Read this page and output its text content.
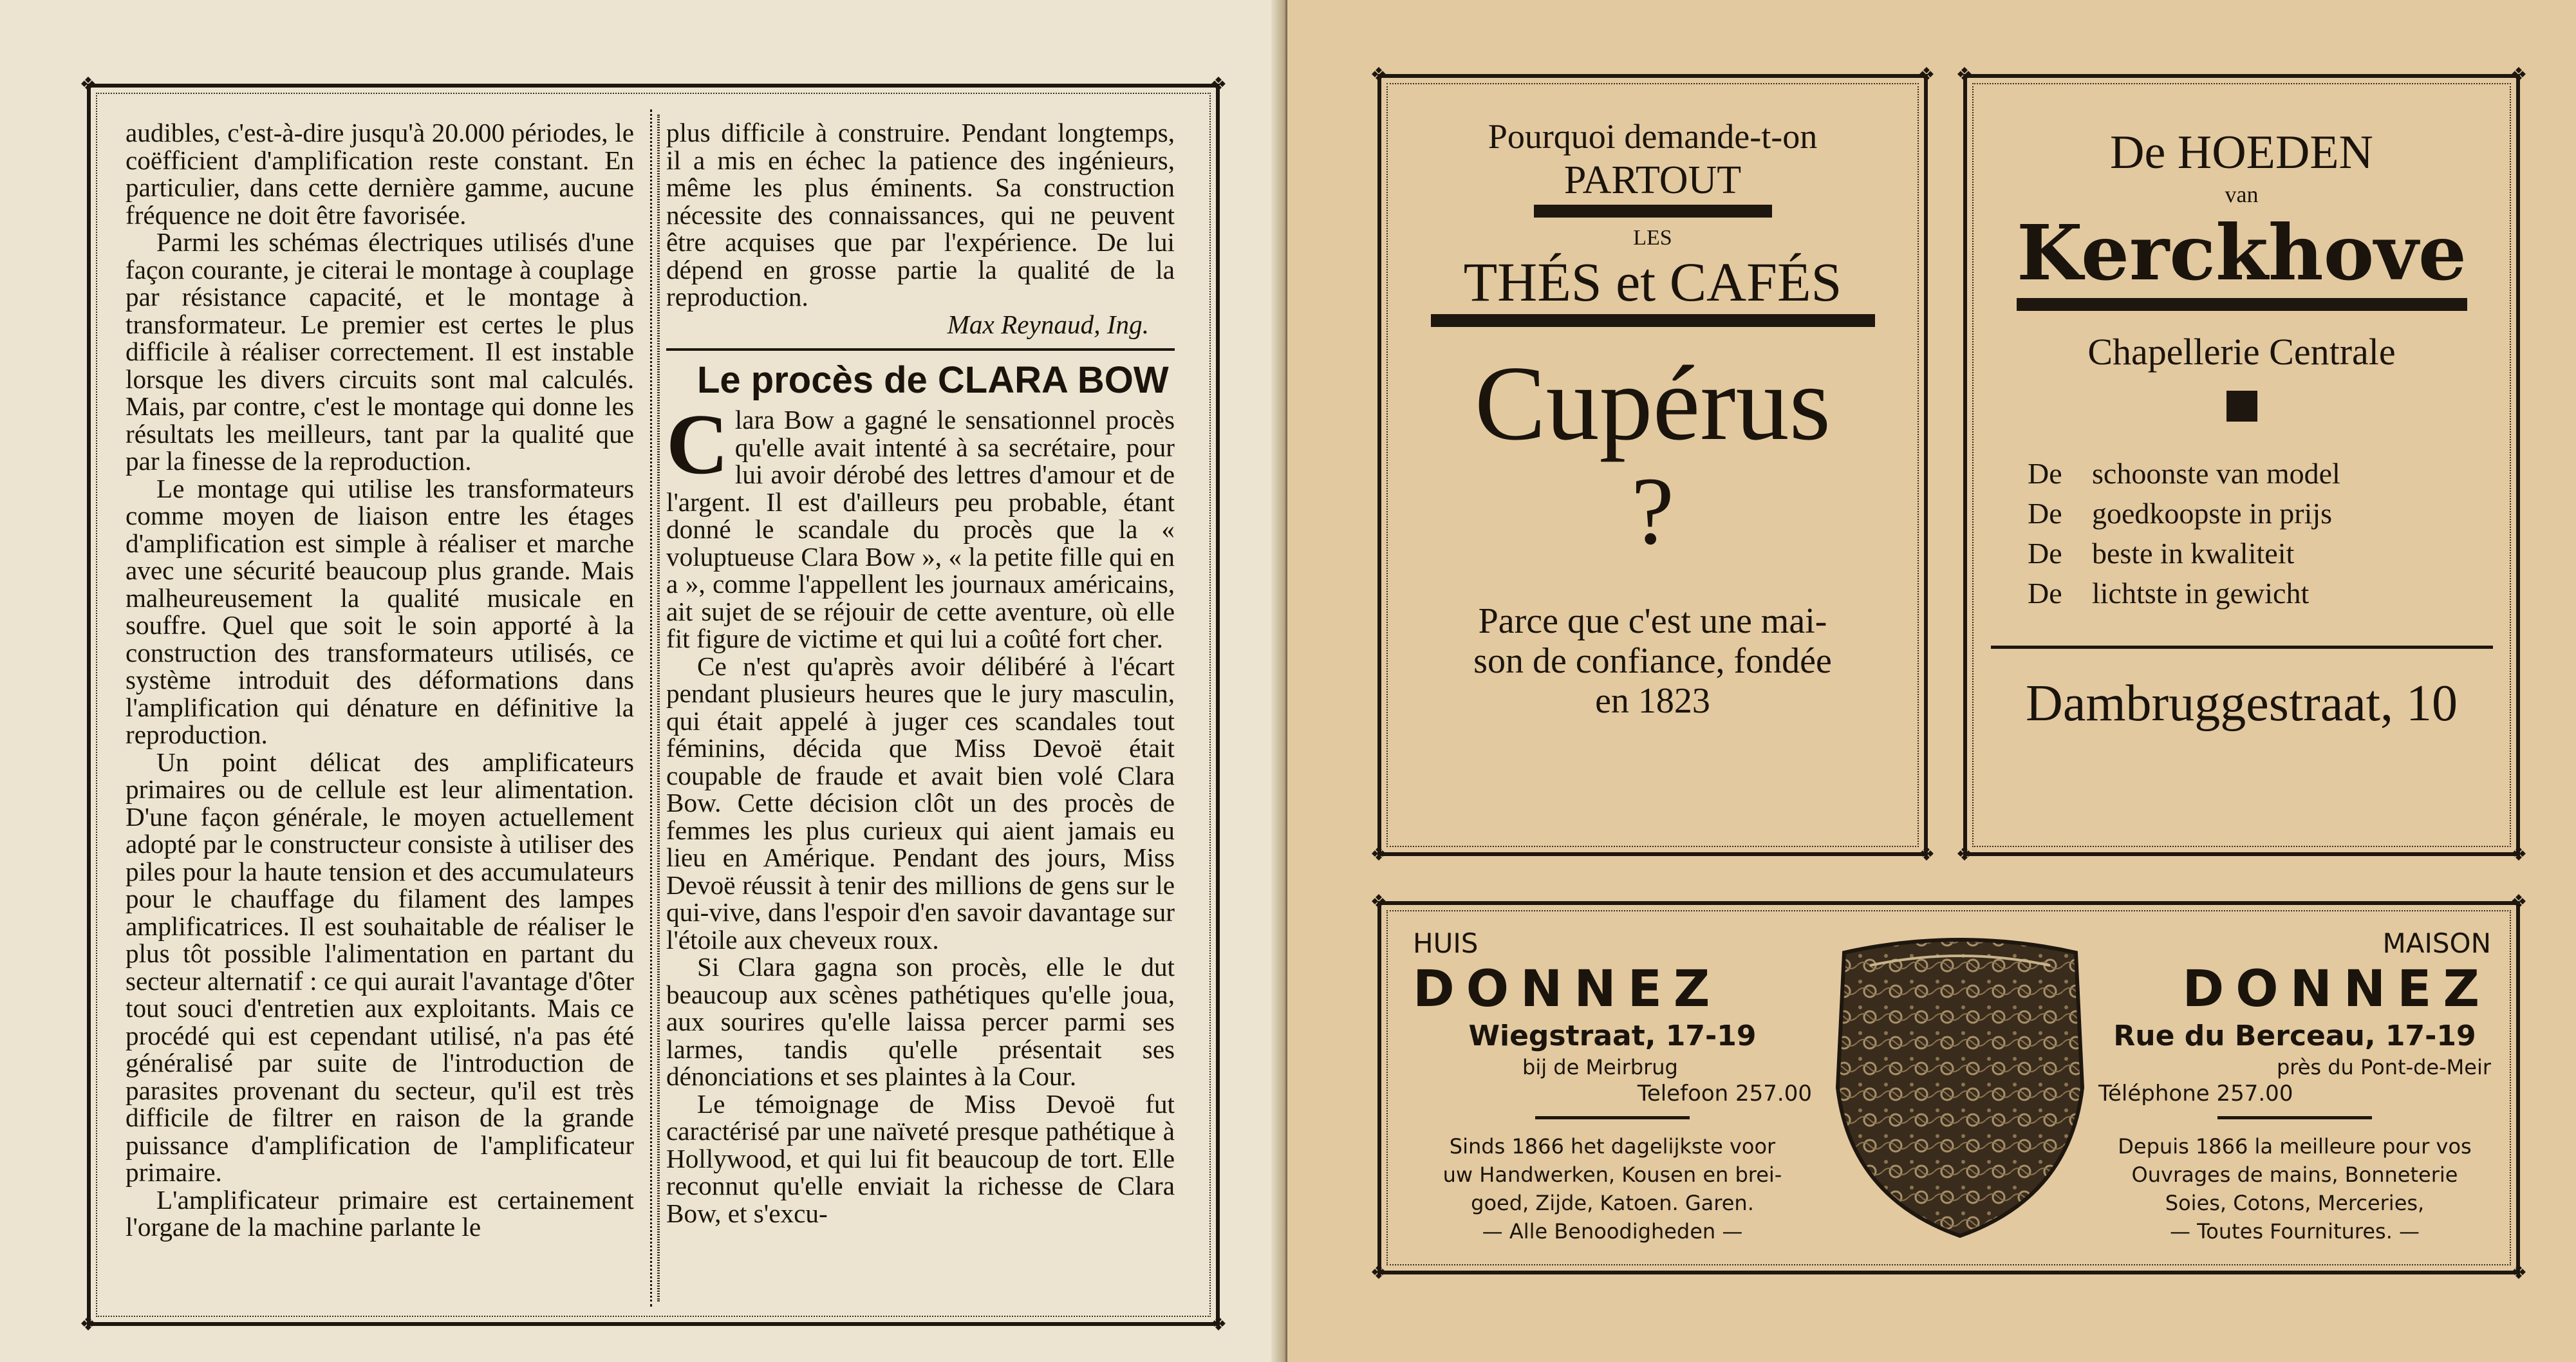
❖	❖
❖	❖

audibles, c'est-à-dire jusqu'à 20.000 périodes, le coëfficient d'amplification reste constant. En particulier, dans cette dernière gamme, aucune fréquence ne doit être favorisée.

Parmi les schémas électriques utilisés d'une façon courante, je citerai le montage à couplage par résistance capacité, et le montage à transformateur. Le premier est certes le plus difficile à réaliser correctement. Il est instable lorsque les divers circuits sont mal calculés. Mais, par contre, c'est le montage qui donne les résultats les meilleurs, tant par la qualité que par la finesse de la reproduction.

Le montage qui utilise les transformateurs comme moyen de liaison entre les étages d'amplification est simple à réaliser et marche avec une sécurité beaucoup plus grande. Mais malheureusement la qualité musicale en souffre. Quel que soit le soin apporté à la construction des transformateurs utilisés, ce système introduit des déformations dans l'amplification qui dénature en définitive la reproduction.

Un point délicat des amplificateurs primaires ou de cellule est leur alimentation. D'une façon générale, le moyen actuellement adopté par le constructeur consiste à utiliser des piles pour la haute tension et des accumulateurs pour le chauffage du filament des lampes amplificatrices. Il est souhaitable de réaliser le plus tôt possible l'alimentation en partant du secteur alternatif : ce qui aurait l'avantage d'ôter tout souci d'entretien aux exploitants. Mais ce procédé qui est cependant utilisé, n'a pas été généralisé par suite de l'introduction de parasites provenant du secteur, qu'il est très difficile de filtrer en raison de la grande puissance d'amplification de l'amplificateur primaire.

L'amplificateur primaire est certainement l'organe de la machine parlante le

plus difficile à construire. Pendant longtemps, il a mis en échec la patience des ingénieurs, même les plus éminents. Sa construction nécessite des connaissances, qui ne peuvent être acquises que par l'expérience. De lui dépend en grosse partie la qualité de la reproduction.

Max Reynaud, Ing.

Le procès de CLARA BOW

Clara Bow a gagné le sensationnel procès qu'elle avait intenté à sa secrétaire, pour lui avoir dérobé des lettres d'amour et de l'argent. Il est d'ailleurs peu probable, étant donné le scandale du procès que la « voluptueuse Clara Bow », « la petite fille qui en a », comme l'appellent les journaux américains, ait sujet de se réjouir de cette aventure, où elle fit figure de victime et qui lui a coûté fort cher.

Ce n'est qu'après avoir délibéré à l'écart pendant plusieurs heures que le jury masculin, qui était appelé à juger ces scandales tout féminins, décida que Miss Devoë était coupable de fraude et avait bien volé Clara Bow. Cette décision clôt un des procès de femmes les plus curieux qui aient jamais eu lieu en Amérique. Pendant des jours, Miss Devoë réussit à tenir des millions de gens sur le qui-vive, dans l'espoir d'en savoir davantage sur l'étoile aux cheveux roux.

Si Clara gagna son procès, elle le dut beaucoup aux scènes pathétiques qu'elle joua, aux sourires qu'elle laissa percer parmi ses larmes, tandis qu'elle présentait ses dénonciations et ses plaintes à la Cour.

Le témoignage de Miss Devoë fut caractérisé par une naïveté presque pathétique à Hollywood, et qui lui fit beaucoup de tort. Elle reconnut qu'elle enviait la richesse de Clara Bow, et s'excu-

❖	❖
❖	❖
Pourquoi demande-t-on
PARTOUT
LES
THÉS et CAFÉS
Cupérus
?
Parce que c'est une mai-
son de confiance, fondée
en 1823
❖	❖
❖	❖
De HOEDEN
van
Kerckhove
Chapellerie Centrale
De schoonste van model
De goedkoopste in prijs
De beste in kwaliteit
De lichtste in gewicht
Dambruggestraat, 10
❖	❖
❖	❖
HUIS
DONNEZ
Wiegstraat, 17-19
bij de Meirbrug
Telefoon 257.00
Sinds 1866 het dagelijkste voor
uw Handwerken, Kousen en brei-
goed, Zijde, Katoen. Garen.
— Alle Benoodigheden —
MAISON
DONNEZ
Rue du Berceau, 17-19
près du Pont-de-Meir
Téléphone 257.00
Depuis 1866 la meilleure pour vos
Ouvrages de mains, Bonneterie
Soies, Cotons, Merceries,
— Toutes Fournitures. —
